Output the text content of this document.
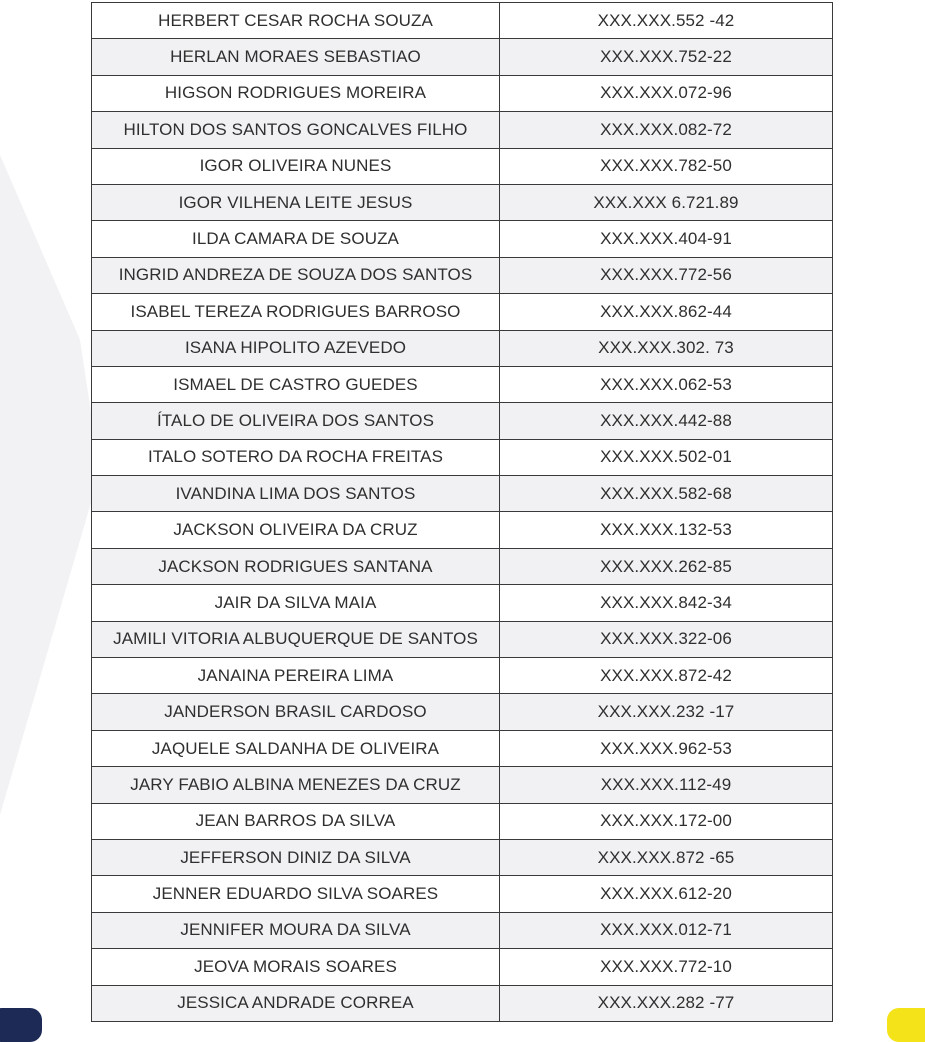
HERBERT CESAR ROCHA SOUZA	XXX.XXX.552 -42
HERLAN MORAES SEBASTIAO	XXX.XXX.752-22
HIGSON RODRIGUES MOREIRA	XXX.XXX.072-96
HILTON DOS SANTOS GONCALVES FILHO	XXX.XXX.082-72
IGOR OLIVEIRA NUNES	XXX.XXX.782-50
IGOR VILHENA LEITE JESUS	XXX.XXX 6.721.89
ILDA CAMARA DE SOUZA	XXX.XXX.404-91
INGRID ANDREZA DE SOUZA DOS SANTOS	XXX.XXX.772-56
ISABEL TEREZA RODRIGUES BARROSO	XXX.XXX.862-44
ISANA HIPOLITO AZEVEDO	XXX.XXX.302. 73
ISMAEL DE CASTRO GUEDES	XXX.XXX.062-53
ÍTALO DE OLIVEIRA DOS SANTOS	XXX.XXX.442-88
ITALO SOTERO DA ROCHA FREITAS	XXX.XXX.502-01
IVANDINA LIMA DOS SANTOS	XXX.XXX.582-68
JACKSON OLIVEIRA DA CRUZ	XXX.XXX.132-53
JACKSON RODRIGUES SANTANA	XXX.XXX.262-85
JAIR DA SILVA MAIA	XXX.XXX.842-34
JAMILI VITORIA ALBUQUERQUE DE SANTOS	XXX.XXX.322-06
JANAINA PEREIRA LIMA	XXX.XXX.872-42
JANDERSON BRASIL CARDOSO	XXX.XXX.232 -17
JAQUELE SALDANHA DE OLIVEIRA	XXX.XXX.962-53
JARY FABIO ALBINA MENEZES DA CRUZ	XXX.XXX.112-49
JEAN BARROS DA SILVA	XXX.XXX.172-00
JEFFERSON DINIZ DA SILVA	XXX.XXX.872 -65
JENNER EDUARDO SILVA SOARES	XXX.XXX.612-20
JENNIFER MOURA DA SILVA	XXX.XXX.012-71
JEOVA MORAIS SOARES	XXX.XXX.772-10
JESSICA ANDRADE CORREA	XXX.XXX.282 -77
